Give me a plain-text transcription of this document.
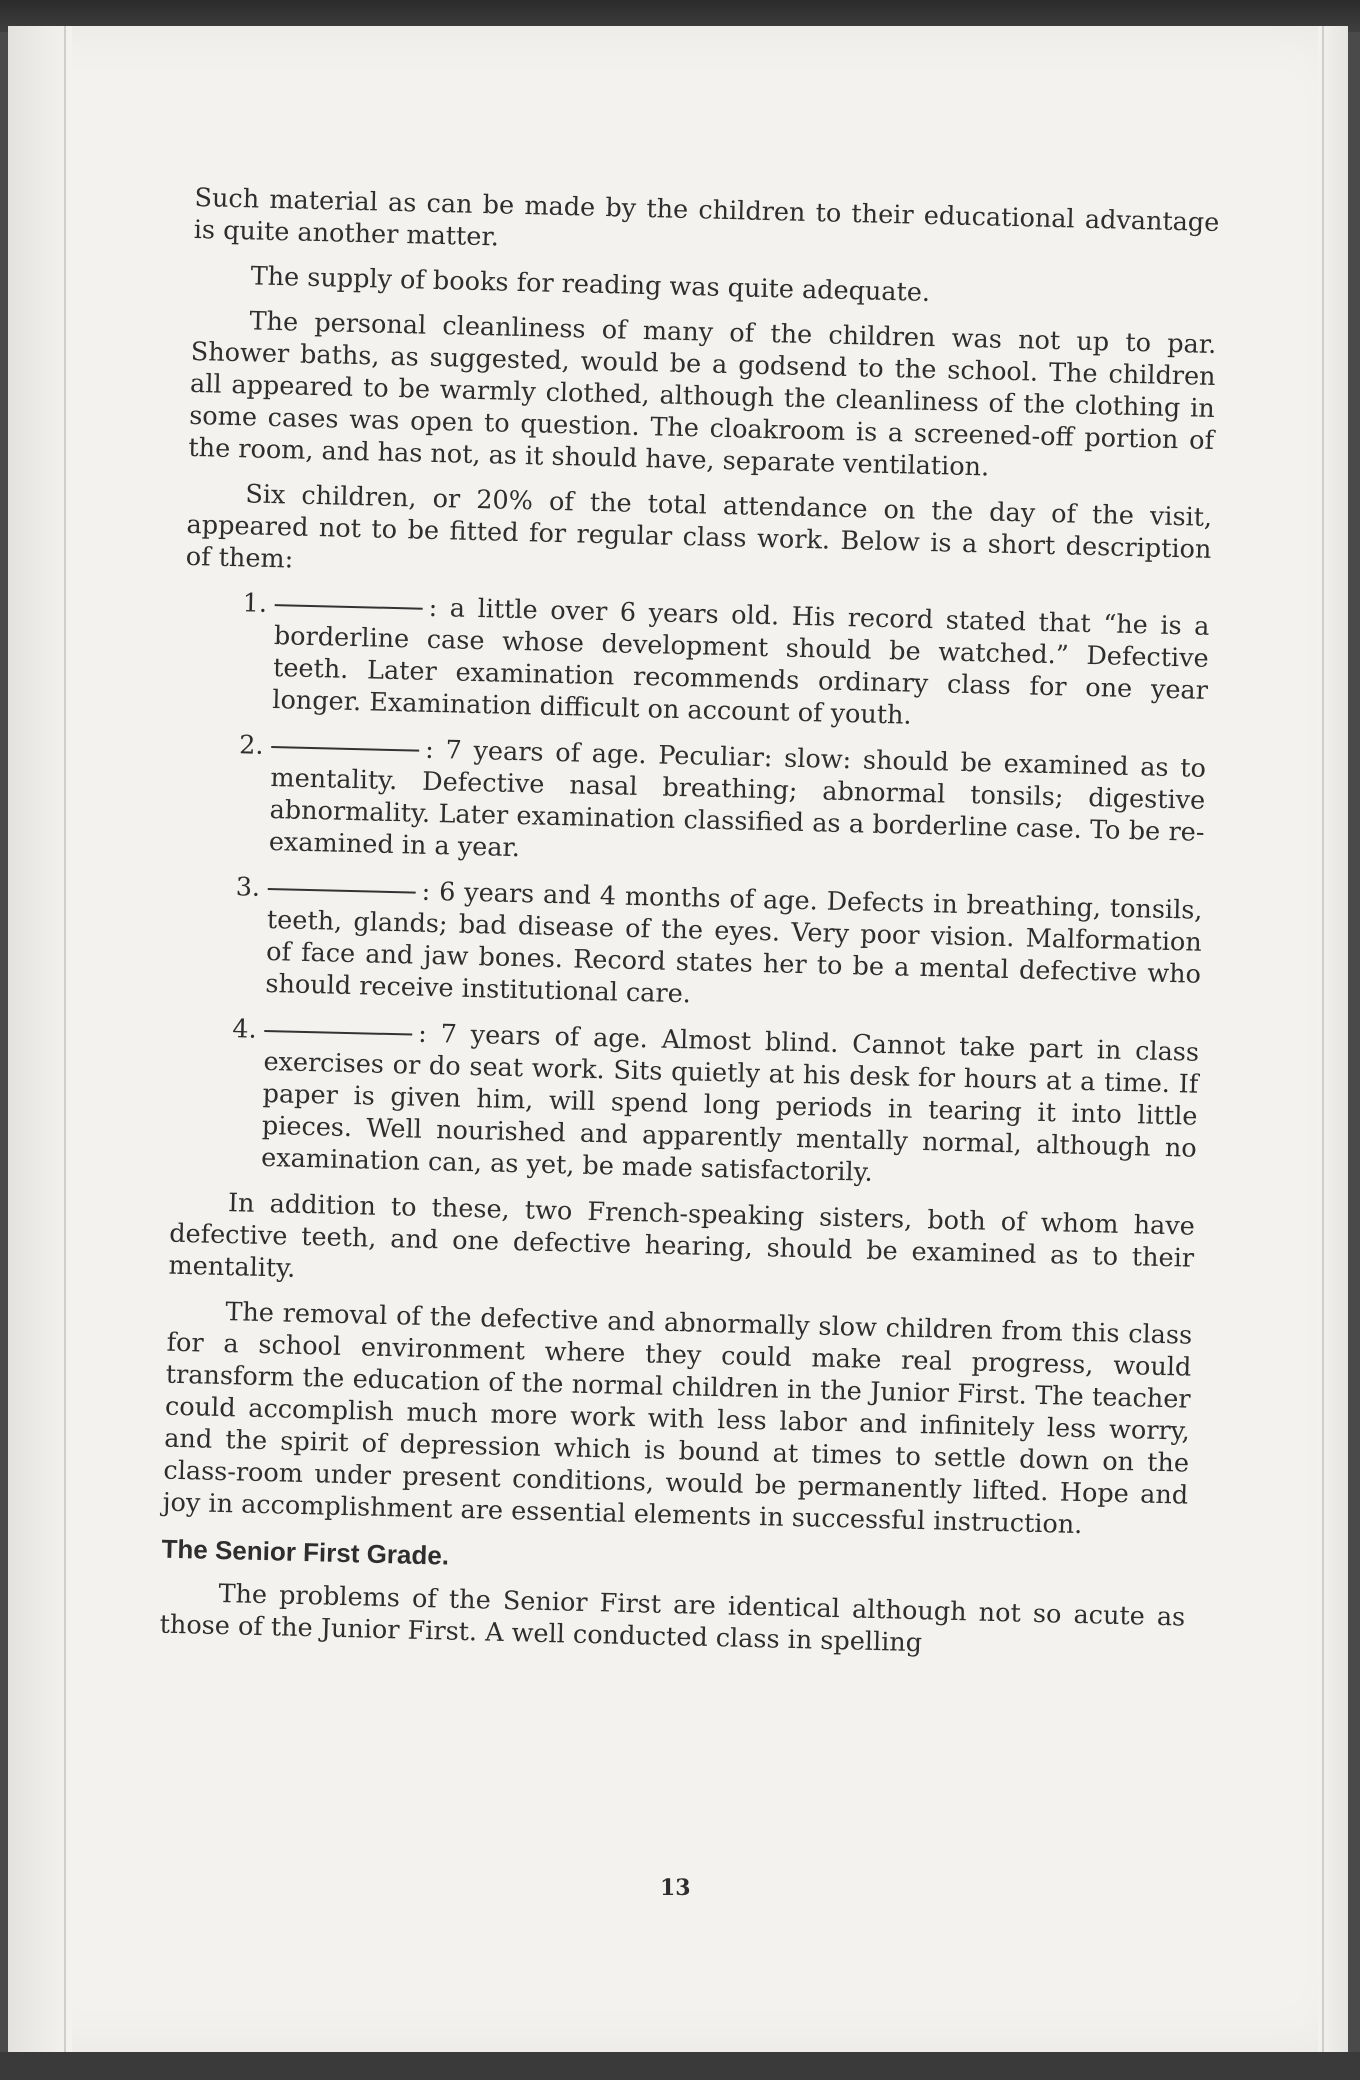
Such material as can be made by the children to their educational advantage is quite another matter.

The supply of books for reading was quite adequate.

The personal cleanliness of many of the children was not up to par. Shower baths, as suggested, would be a godsend to the school. The children all appeared to be warmly clothed, although the cleanliness of the clothing in some cases was open to question. The cloakroom is a screened-off portion of the room, and has not, as it should have, separate ventilation.

Six children, or 20% of the total attendance on the day of the visit, appeared not to be fitted for regular class work. Below is a short description of them:

1.	: a little over 6 years old. His record stated that “he is a borderline case whose development should be watched.” Defective teeth. Later examination recommends ordinary class for one year longer. Examination difficult on account of youth.
2.	: 7 years of age. Peculiar: slow: should be examined as to mentality. Defective nasal breathing; abnormal tonsils; digestive abnormality. Later examination classified as a borderline case. To be re-examined in a year.
3.	: 6 years and 4 months of age. Defects in breathing, tonsils, teeth, glands; bad disease of the eyes. Very poor vision. Malformation of face and jaw bones. Record states her to be a mental defective who should receive institutional care.
4.	: 7 years of age. Almost blind. Cannot take part in class exercises or do seat work. Sits quietly at his desk for hours at a time. If paper is given him, will spend long periods in tearing it into little pieces. Well nourished and apparently mentally normal, although no examination can, as yet, be made satisfactorily.

In addition to these, two French-speaking sisters, both of whom have defective teeth, and one defective hearing, should be examined as to their mentality.

The removal of the defective and abnormally slow children from this class for a school environment where they could make real progress, would transform the education of the normal children in the Junior First. The teacher could accomplish much more work with less labor and infinitely less worry, and the spirit of depression which is bound at times to settle down on the class-room under present conditions, would be permanently lifted. Hope and joy in accomplishment are essential elements in successful instruction.

The Senior First Grade.

The problems of the Senior First are identical although not so acute as those of the Junior First. A well conducted class in spelling

13
